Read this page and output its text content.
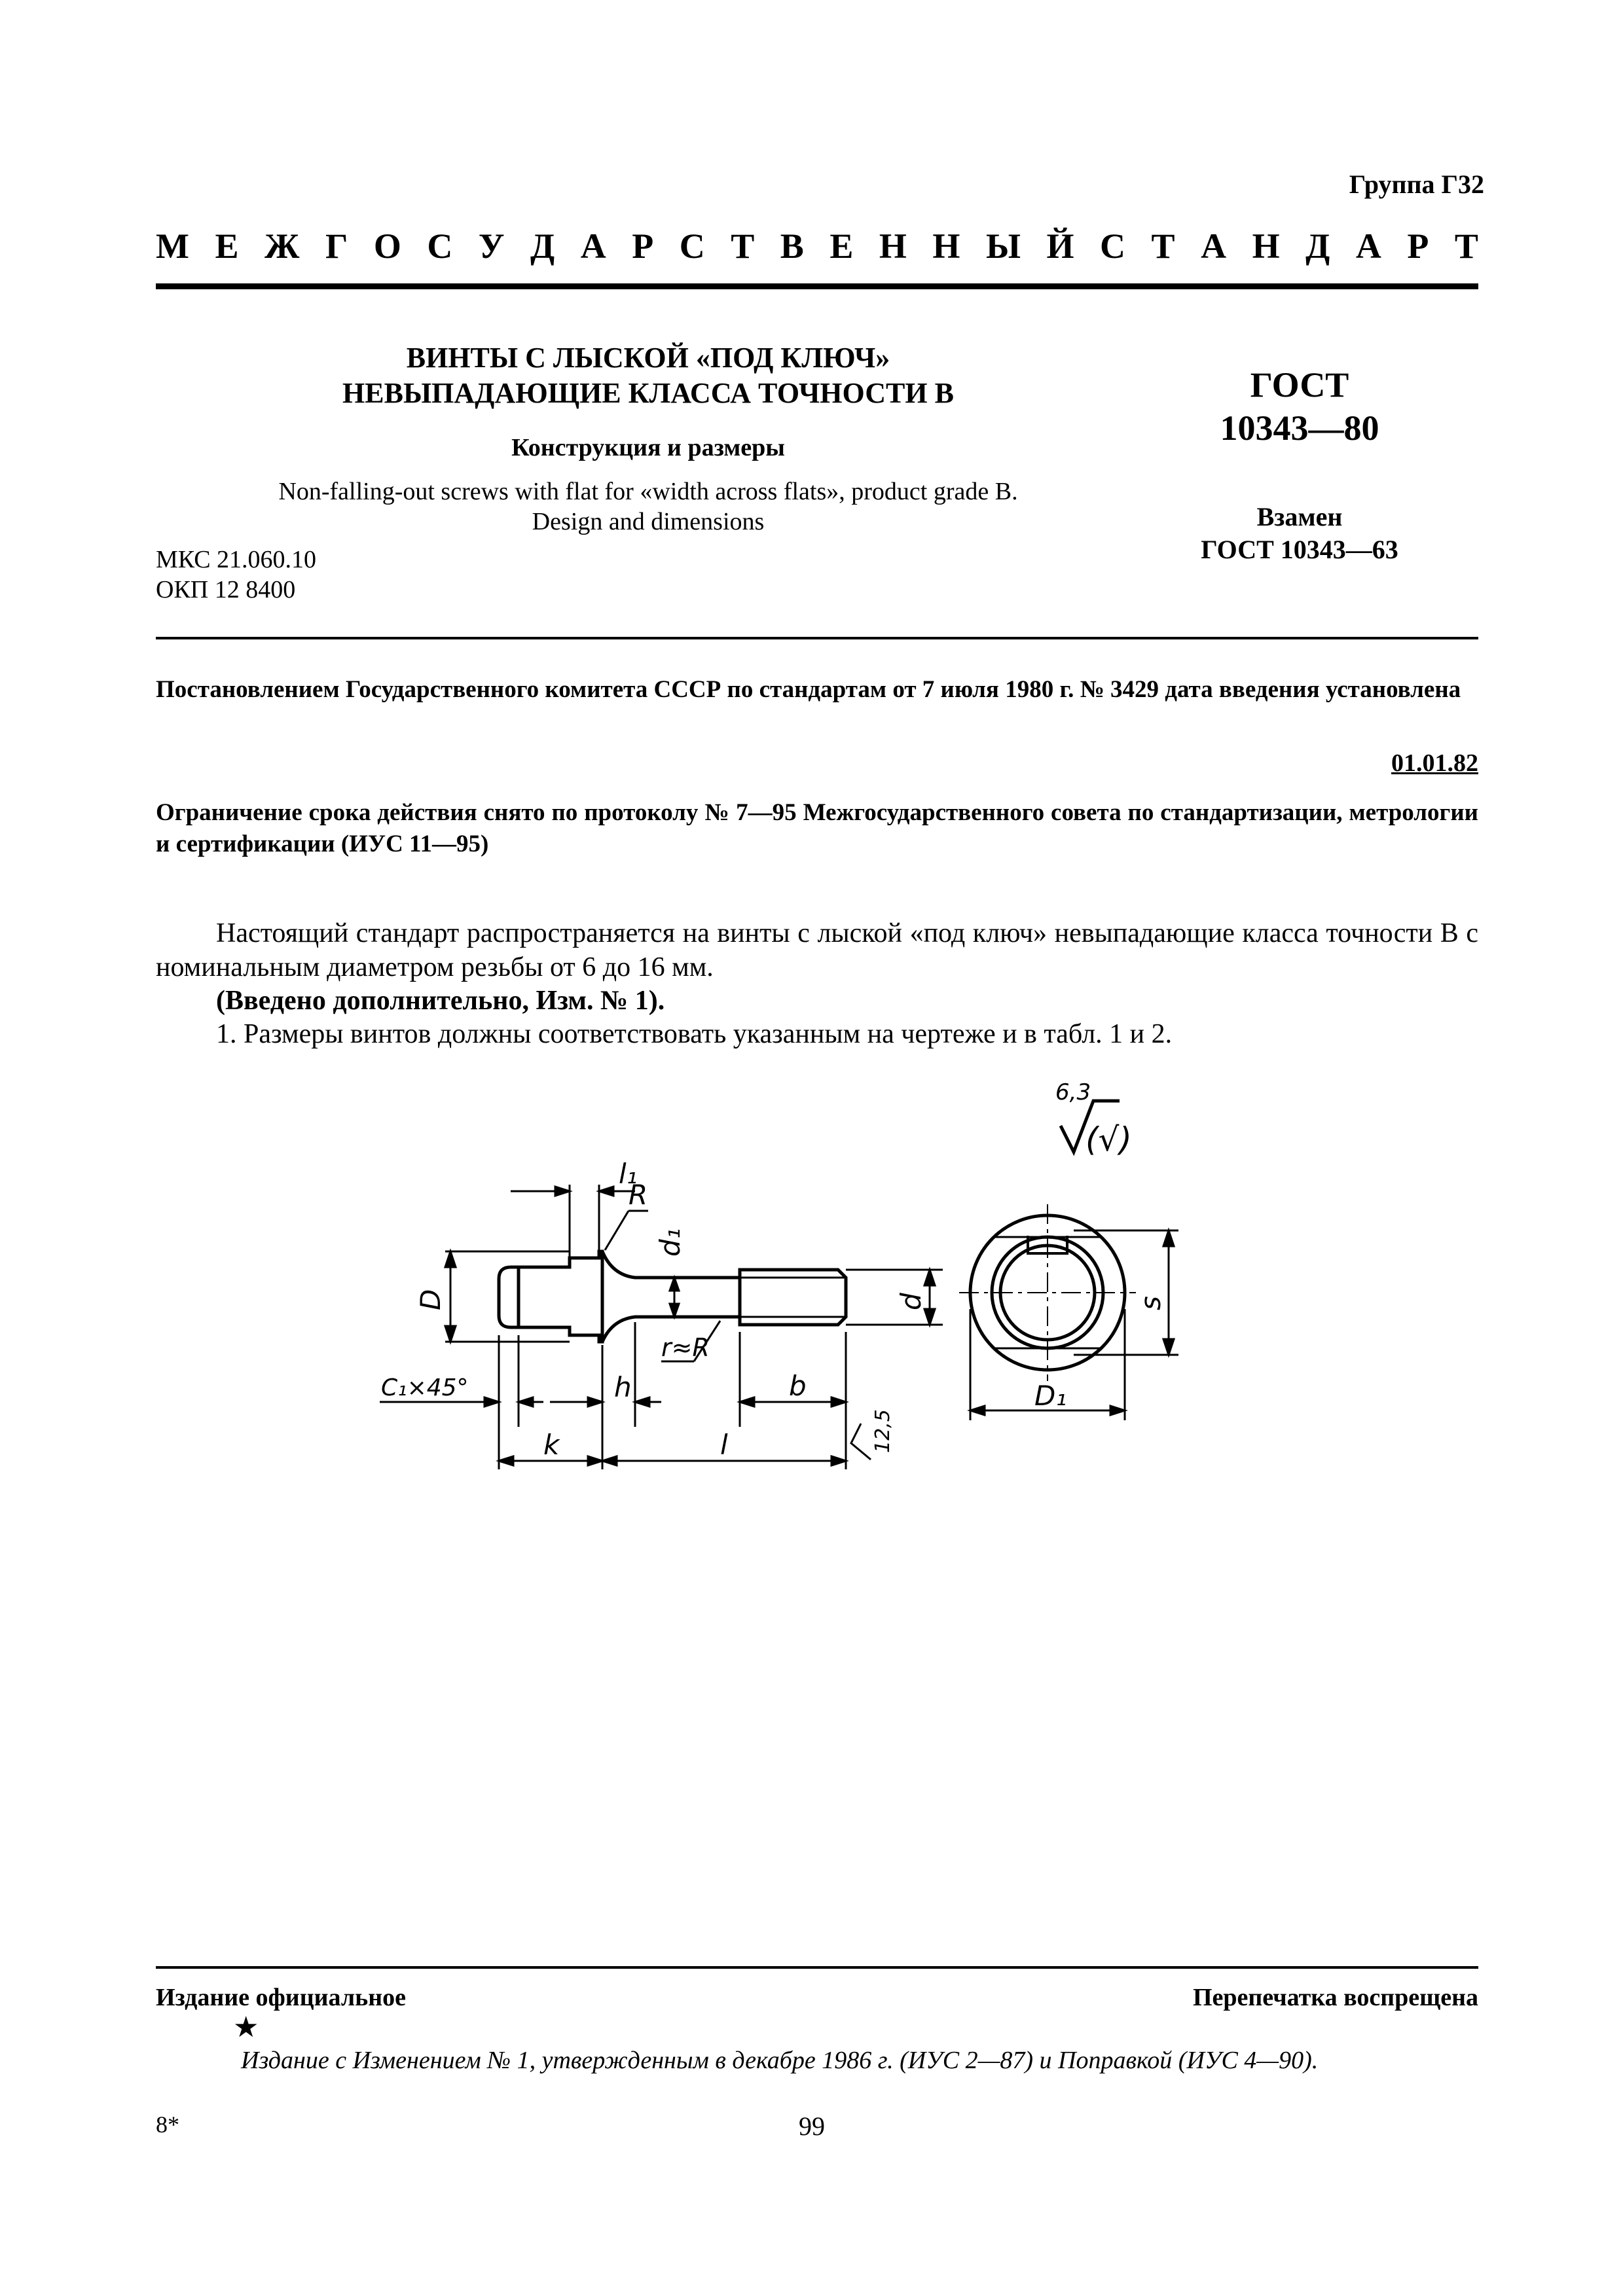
Группа Г32
М Е Ж Г О С У Д А Р С Т В Е Н Н Ы Й С Т А Н Д А Р Т
ВИНТЫ С ЛЫСКОЙ «ПОД КЛЮЧ»
НЕВЫПАДАЮЩИЕ КЛАССА ТОЧНОСТИ В
Конструкция и размеры
Non-falling-out screws with flat for «width across flats», product grade B.
Design and dimensions
ГОСТ
10343—80
Взамен
ГОСТ 10343—63
МКС 21.060.10
ОКП 12 8400
Постановлением Государственного комитета СССР по стандартам от 7 июля 1980 г. № 3429 дата введения установлена
01.01.82
Ограничение срока действия снято по протоколу № 7—95 Межгосударственного совета по стандартизации, метрологии и сертификации (ИУС 11—95)
Настоящий стандарт распространяется на винты с лыской «под ключ» невыпадающие класса точности В с номинальным диаметром резьбы от 6 до 16 мм.
(Введено дополнительно, Изм. № 1).
1. Размеры винтов должны соответствовать указанным на чертеже и в табл. 1 и 2.
6,3
(√)
l₁
R
d₁
D	d	s
r≈R
C₁×45°	h	b	D₁
k	l	12,5
Издание официальное	Перепечатка воспрещена
★
Издание с Изменением № 1, утвержденным в декабре 1986 г. (ИУС 2—87) и Поправкой (ИУС 4—90).
8*	99
